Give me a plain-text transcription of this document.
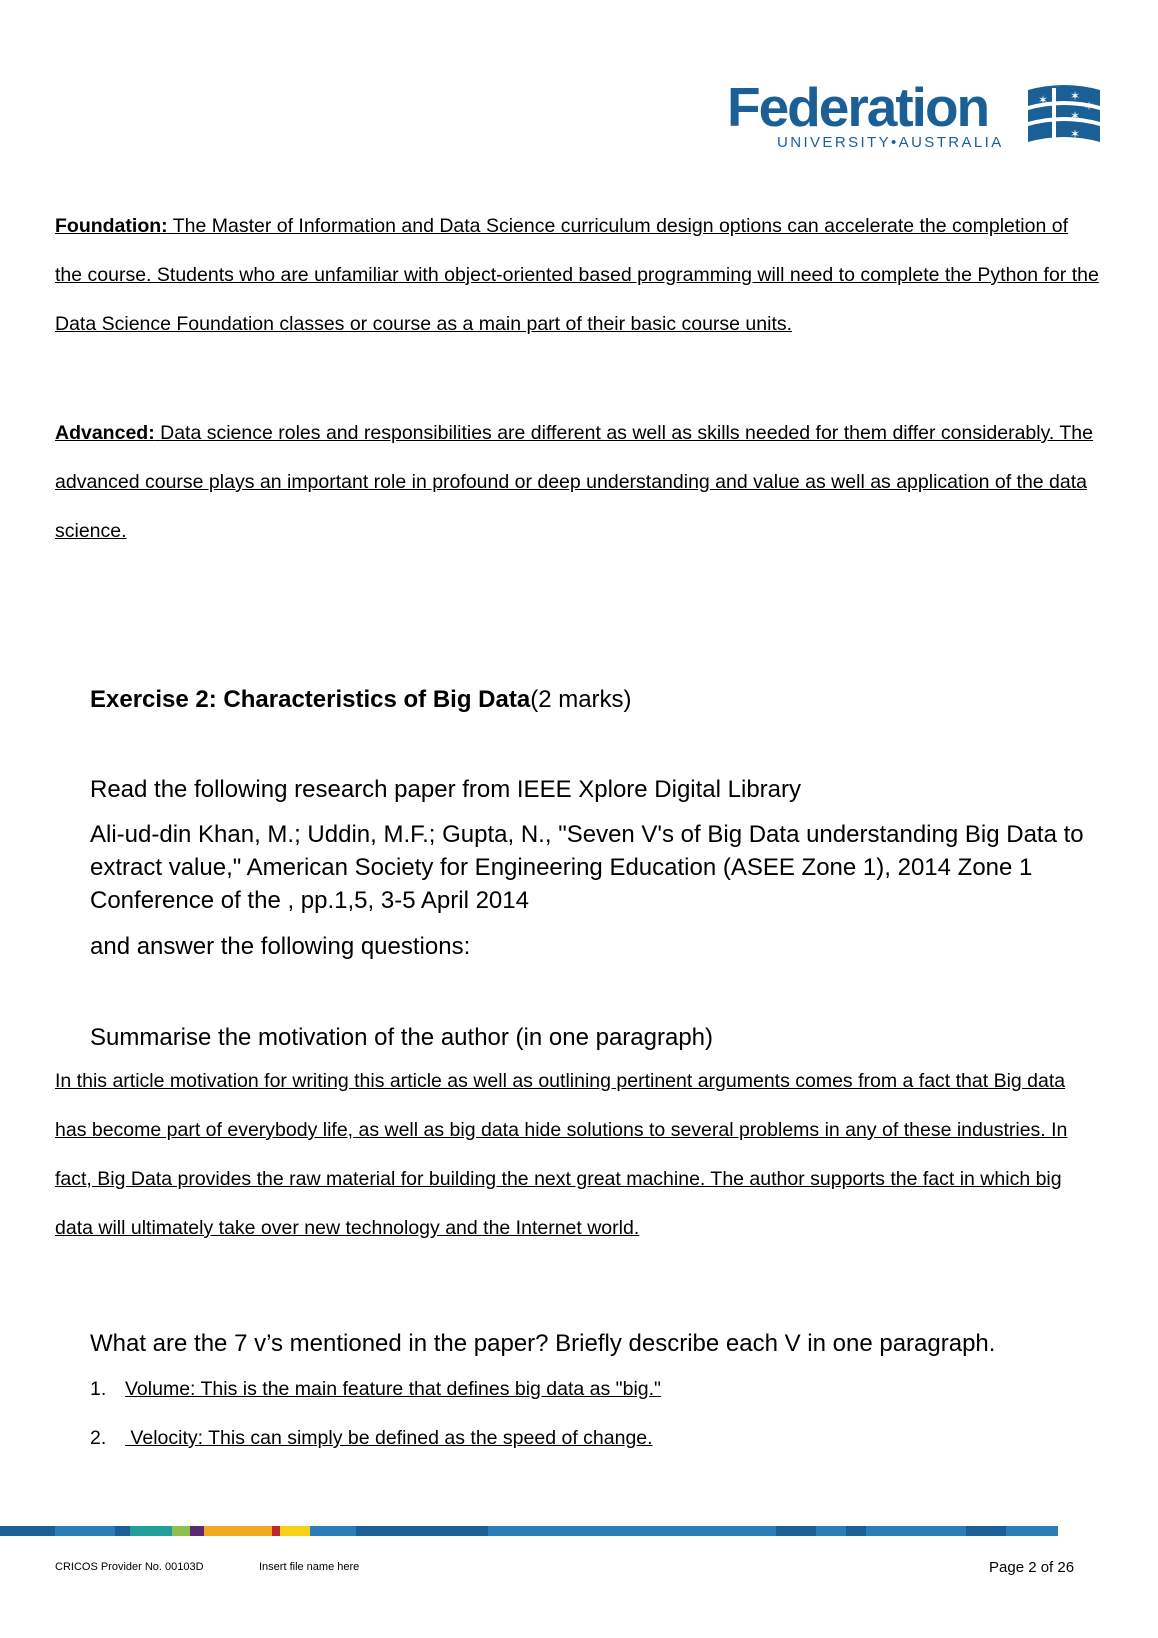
Federation
UNIVERSITY•AUSTRALIA
✶ ✶
✶
✶
✶
Foundation: The Master of Information and Data Science curriculum design options can accelerate the completion of the course. Students who are unfamiliar with object-oriented based programming will need to complete the Python for the Data Science Foundation classes or course as a main part of their basic course units.
Advanced: Data science roles and responsibilities are different as well as skills needed for them differ considerably. The advanced course plays an important role in profound or deep understanding and value as well as application of the data science.
Exercise 2: Characteristics of Big Data(2 marks)
Read the following research paper from IEEE Xplore Digital Library
Ali-ud-din Khan, M.; Uddin, M.F.; Gupta, N., "Seven V's of Big Data understanding Big Data to extract value," American Society for Engineering Education (ASEE Zone 1), 2014 Zone 1 Conference of the , pp.1,5, 3-5 April 2014
and answer the following questions:
Summarise the motivation of the author (in one paragraph)
In this article motivation for writing this article as well as outlining pertinent arguments comes from a fact that Big data has become part of everybody life, as well as big data hide solutions to several problems in any of these industries. In fact, Big Data provides the raw material for building the next great machine. The author supports the fact in which big data will ultimately take over new technology and the Internet world.
What are the 7 v’s mentioned in the paper? Briefly describe each V in one paragraph.
1. Volume: This is the main feature that defines big data as "big."
2. Velocity: This can simply be defined as the speed of change.
CRICOS Provider No. 00103D	Insert file name here	Page 2 of 26
